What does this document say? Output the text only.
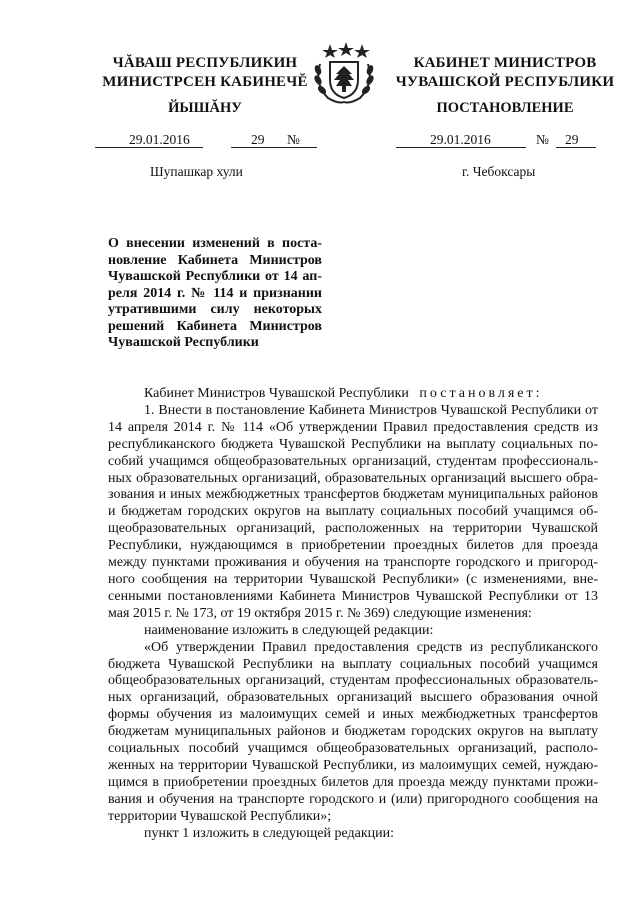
ЧĂВАШ РЕСПУБЛИКИН
МИНИСТРСЕН КАБИНЕЧĔ
ЙЫШĂНУ
КАБИНЕТ МИНИСТРОВ
ЧУВАШСКОЙ РЕСПУБЛИКИ
ПОСТАНОВЛЕНИЕ
29.01.2016	29 №	29.01.2016	№ 29
Шупашкар хули	г. Чебоксары
О внесении изменений в постановление Кабинета Министров Чувашской Республики от 14 апреля 2014 г. № 114 и признании утратившими силу некоторых решений Кабинета Министров Чувашской Республики

Кабинет Министров Чувашской Республики постановляет:

1. Внести в постановление Кабинета Министров Чувашской Республики от 14 апреля 2014 г. № 114 «Об утверждении Правил предоставления средств из республиканского бюджета Чувашской Республики на выплату социальных пособий учащимся общеобразовательных организаций, студентам профессиональных образовательных организаций, образовательных организаций высшего образования и иных межбюджетных трансфертов бюджетам муниципальных районов и бюджетам городских округов на выплату социальных пособий учащимся общеобразовательных организаций, расположенных на территории Чувашской Республики, нуждающимся в приобретении проездных билетов для проезда между пунктами проживания и обучения на транспорте городского и пригородного сообщения на территории Чувашской Республики» (с изменениями, внесенными постановлениями Кабинета Министров Чувашской Республики от 13 мая 2015 г. № 173, от 19 октября 2015 г. № 369) следующие изменения:

наименование изложить в следующей редакции:

«Об утверждении Правил предоставления средств из республиканского бюджета Чувашской Республики на выплату социальных пособий учащимся общеобразовательных организаций, студентам профессиональных образовательных организаций, образовательных организаций высшего образования очной формы обучения из малоимущих семей и иных межбюджетных трансфертов бюджетам муниципальных районов и бюджетам городских округов на выплату социальных пособий учащимся общеобразовательных организаций, расположенных на территории Чувашской Республики, из малоимущих семей, нуждающимся в приобретении проездных билетов для проезда между пунктами проживания и обучения на транспорте городского и (или) пригородного сообщения на территории Чувашской Республики»;

пункт 1 изложить в следующей редакции:
